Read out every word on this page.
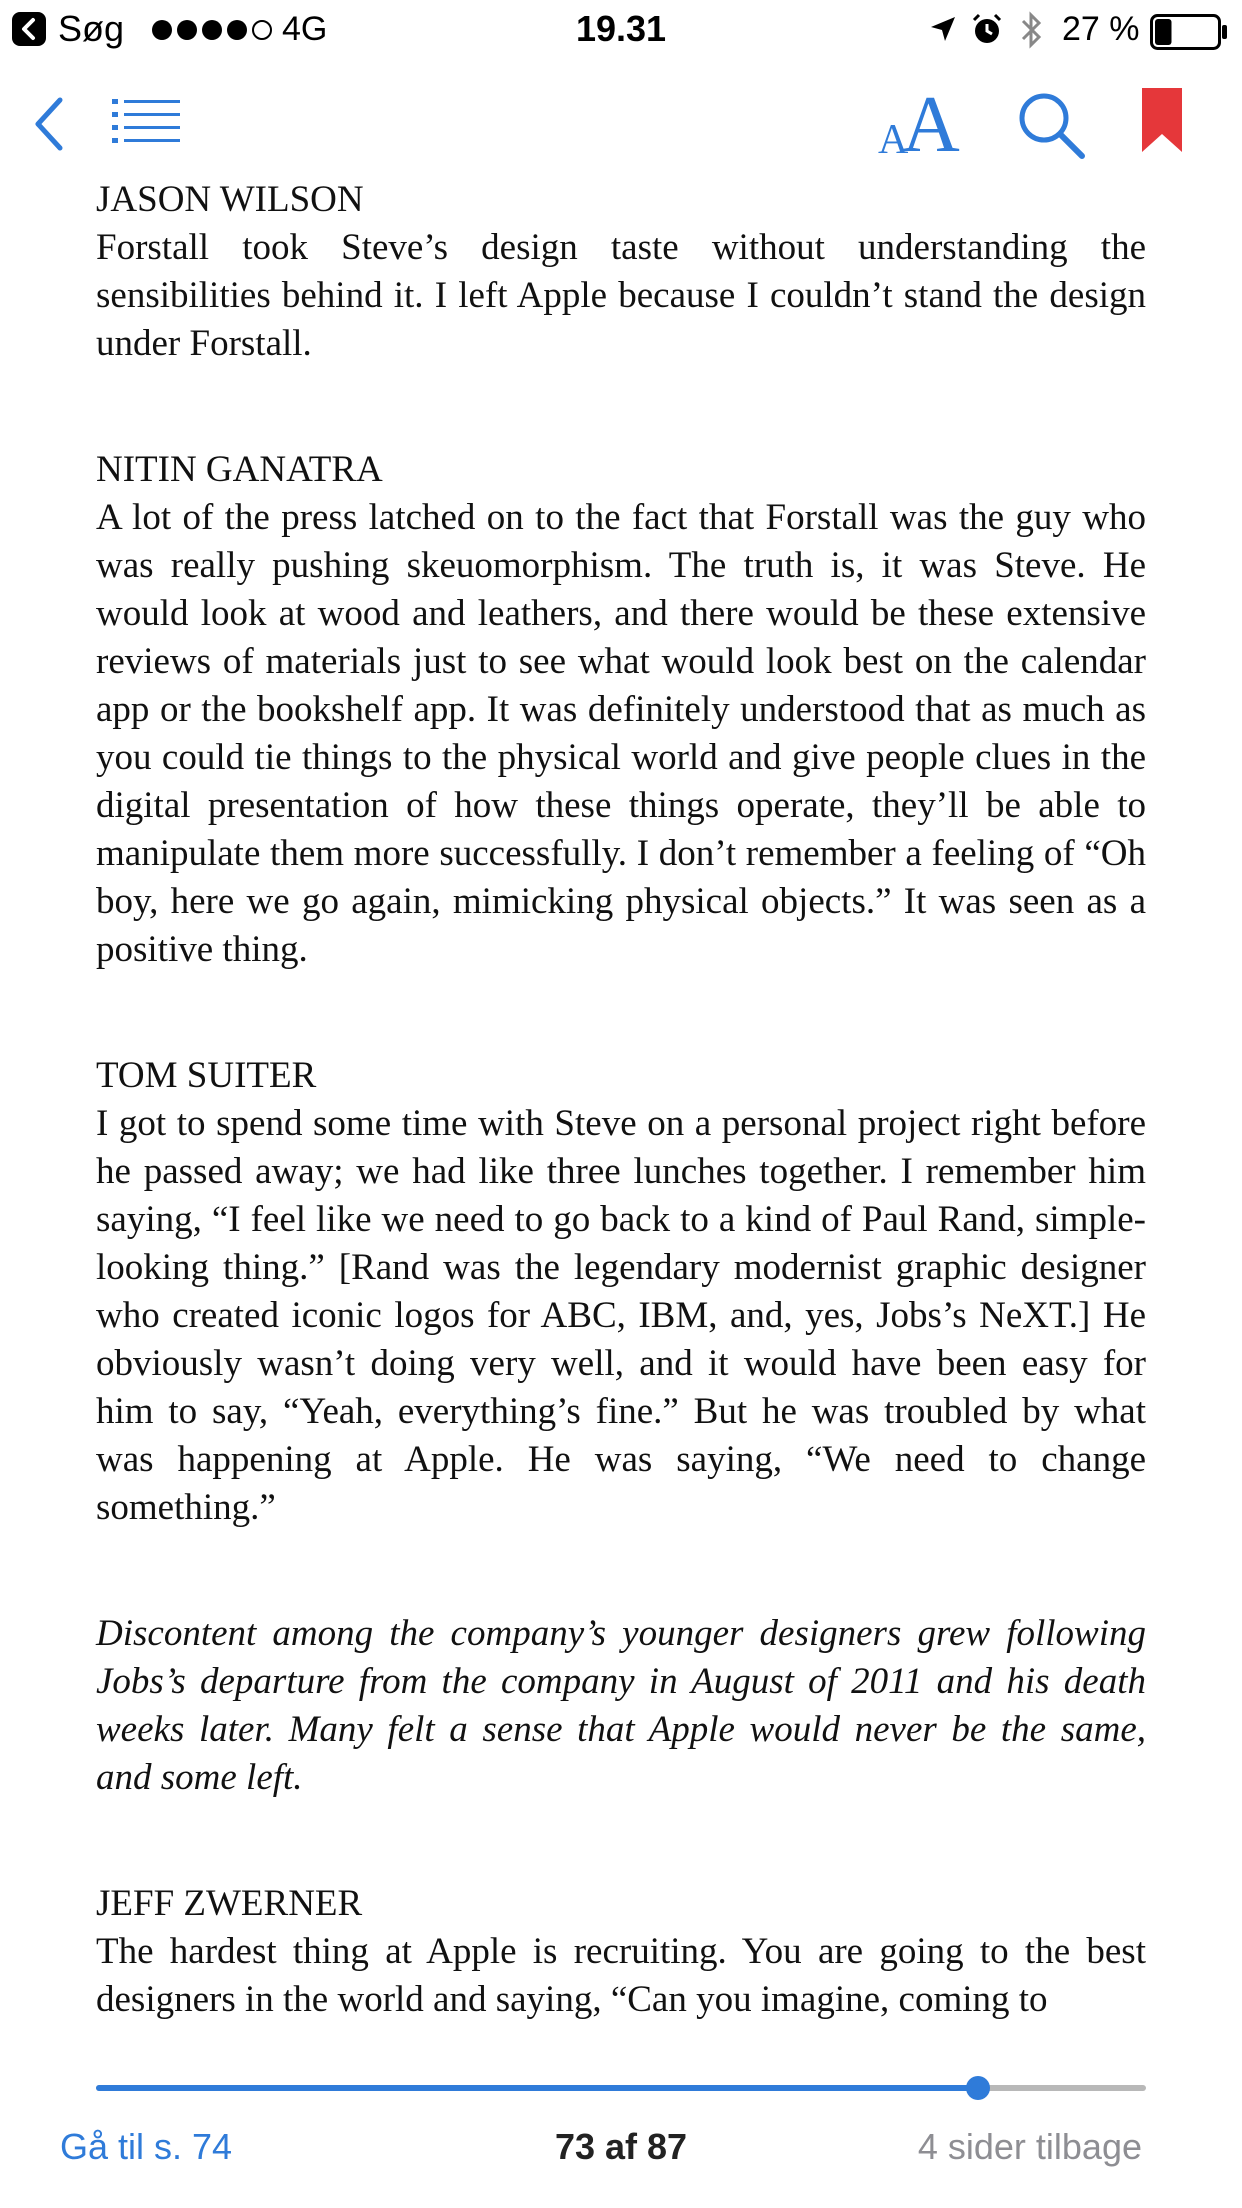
Søg	4G	19.31	27 %
A
A
JASON WILSON
Forstall took Steve’s design taste without understanding the sensibilities behind it. I left Apple because I couldn’t stand the design under Forstall.
NITIN GANATRA
A lot of the press latched on to the fact that Forstall was the guy who was really pushing skeuomorphism. The truth is, it was Steve. He would look at wood and leathers, and there would be these extensive reviews of materials just to see what would look best on the calendar app or the bookshelf app. It was definitely understood that as much as you could tie things to the physical world and give people clues in the digital presentation of how these things operate, they’ll be able to manipulate them more successfully. I don’t remember a feeling of “Oh boy, here we go again, mimicking physical objects.” It was seen as a positive thing.
TOM SUITER
I got to spend some time with Steve on a personal project right before he passed away; we had like three lunches together. I remember him saying, “I feel like we need to go back to a kind of Paul Rand, simple-looking thing.” [Rand was the legendary modernist graphic designer who created iconic logos for ABC, IBM, and, yes, Jobs’s NeXT.] He obviously wasn’t doing very well, and it would have been easy for him to say, “Yeah, everything’s fine.” But he was troubled by what was happening at Apple. He was saying, “We need to change something.”
Discontent among the company’s younger designers grew following Jobs’s departure from the company in August of 2011 and his death weeks later. Many felt a sense that Apple would never be the same, and some left.
JEFF ZWERNER
The hardest thing at Apple is recruiting. You are going to the best designers in the world and saying, “Can you imagine, coming to
Gå til s. 74	73 af 87	4 sider tilbage
